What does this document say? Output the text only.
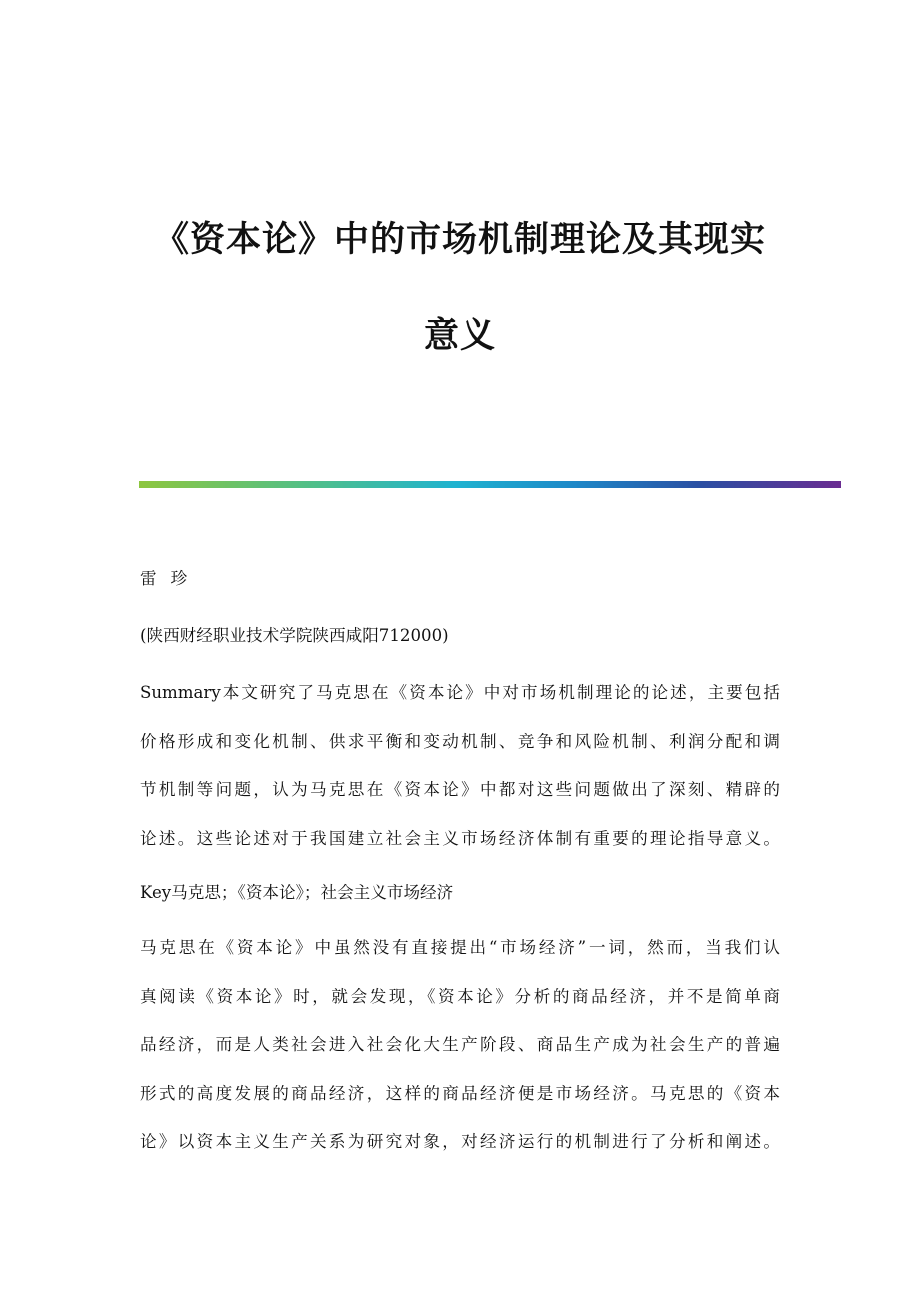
《资本论》中的市场机制理论及其现实
意义

雷珍

(陕西财经职业技术学院陕西咸阳712000)

Summary本文研究了马克思在《资本论》中对市场机制理论的论述，主要包括
价格形成和变化机制、供求平衡和变动机制、竞争和风险机制、利润分配和调
节机制等问题，认为马克思在《资本论》中都对这些问题做出了深刻、精辟的
论述。这些论述对于我国建立社会主义市场经济体制有重要的理论指导意义。

Key马克思；《资本论》；社会主义市场经济

马克思在《资本论》中虽然没有直接提出“市场经济”一词，然而，当我们认
真阅读《资本论》时，就会发现，《资本论》分析的商品经济，并不是简单商
品经济，而是人类社会进入社会化大生产阶段、商品生产成为社会生产的普遍
形式的高度发展的商品经济，这样的商品经济便是市场经济。马克思的《资本
论》以资本主义生产关系为研究对象，对经济运行的机制进行了分析和阐述。
